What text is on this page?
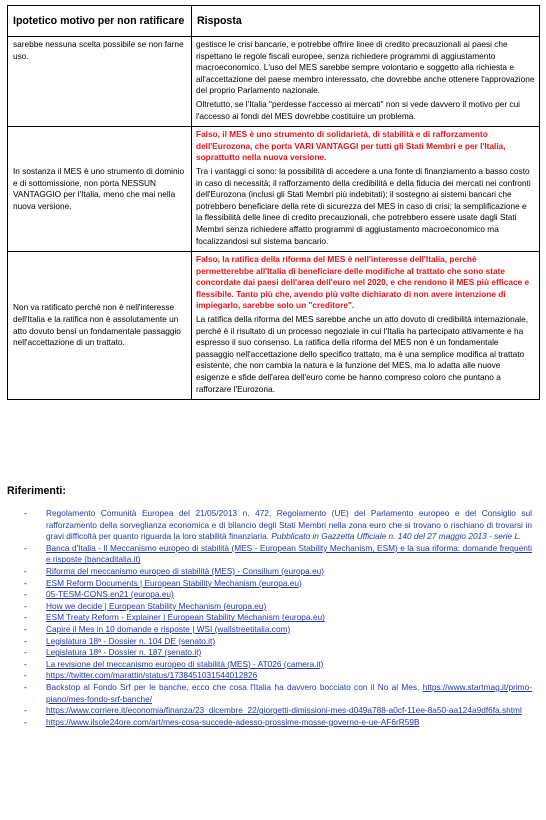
Ipotetico motivo per non ratificare	Risposta
sarebbe nessuna scelta possibile se non farne uso.	gestisce le crisi bancarie, e potrebbe offrire linee di credito precauzionali ai paesi che rispettano le regole fiscali europee, senza richiedere programmi di aggiustamento macroeconomico. L'uso del MES sarebbe sempre volontario e soggetto alla richiesta e all'accettazione del paese membro interessato, che dovrebbe anche ottenere l'approvazione del proprio Parlamento nazionale.

Oltretutto, se l'Italia "perdesse l'accesso ai mercati" non si vede davvero il motivo per cui l'accesso ai fondi del MES dovrebbe costituire un problema.

In sostanza il MES è uno strumento di dominio e di sottomissione, non porta NESSUN VANTAGGIO per l'Italia, meno che mai nella nuova versione.	Falso, il MES è uno strumento di solidarietà, di stabilità e di rafforzamento dell'Eurozona, che porta VARI VANTAGGI per tutti gli Stati Membri e per l'Italia, soprattutto nella nuova versione.

Tra i vantaggi ci sono: la possibilità di accedere a una fonte di finanziamento a basso costo in caso di necessità; il rafforzamento della credibilità e della fiducia dei mercati nei confronti dell'Eurozona (inclusi gli Stati Membri più indebitati); il sostegno ai sistemi bancari che potrebbero beneficiare della rete di sicurezza del MES in caso di crisi; la semplificazione e la flessibilità delle linee di credito precauzionali, che potrebbero essere usate dagli Stati Membri senza richiedere affatto programmi di aggiustamento macroeconomico ma focalizzandosi sul sistema bancario.

Non va ratificato perché non è nell'interesse dell'Italia e la ratifica non è assolutamente un atto dovuto bensì un fondamentale passaggio nell'accettazione di un trattato.	Falso, la ratifica della riforma del MES è nell'interesse dell'Italia, perché permetterebbe all'Italia di beneficiare delle modifiche al trattato che sono state concordate dai paesi dell'area dell'euro nel 2020, e che rendono il MES più efficace e flessibile. Tanto più che, avendo più volte dichiarato di non avere intenzione di impiegarlo, sarebbe solo un "creditore".

La ratifica della riforma del MES sarebbe anche un atto dovuto di credibilità internazionale, perché è il risultato di un processo negoziale in cui l'Italia ha partecipato attivamente e ha espresso il suo consenso. La ratifica della riforma del MES non è un fondamentale passaggio nell'accettazione dello specifico trattato, ma è una semplice modifica al trattato esistente, che non cambia la natura e la funzione del MES, ma lo adatta alle nuove esigenze e sfide dell'area dell'euro come be hanno compreso coloro che puntano a rafforzare l'Eurozona.

Riferimenti:
- Regolamento Comunità Europea del 21/05/2013 n. 472, Regolamento (UE) del Parlamento europeo e del Consiglio sul rafforzamento della sorveglianza economica e di bilancio degli Stati Membri nella zona euro che si trovano o rischiano di trovarsi in gravi difficoltà per quanto riguarda la loro stabilità finanziaria. Pubblicato in Gazzetta Ufficiale n. 140 del 27 maggio 2013 - serie L.
- Banca d'Italia - Il Meccanismo europeo di stabilità (MES - European Stability Mechanism, ESM) e la sua riforma: domande frequenti e risposte (bancaditalia.it)
- Riforma del meccanismo europeo di stabilità (MES) - Consilium (europa.eu)
- ESM Reform Documents | European Stability Mechanism (europa.eu)
- 05-TESM-CONS.en21 (europa.eu)
- How we decide | European Stability Mechanism (europa.eu)
- ESM Treaty Reform - Explainer | European Stability Mechanism (europa.eu)
- Capire il Mes in 10 domande e risposte | WSI (wallstreetitalia.com)
- Legislatura 18ª - Dossier n. 104 DE (senato.it)
- Legislatura 18ª - Dossier n. 187 (senato.it)
- La revisione del meccanismo europeo di stabilità (MES) - AT026 (camera.it)
- https://twitter.com/marattin/status/1738451031544012826
- Backstop al Fondo Srf per le banche, ecco che cosa l'Italia ha davvero bocciato con il No al Mes, https://www.startmag.it/primo-piano/mes-fondo-srf-banche/
- https://www.corriere.it/economia/finanza/23_dicembre_22/giorgetti-dimissioni-mes-d049a788-a0cf-11ee-8a50-aa124a9df6fa.shtml
- https://www.ilsole24ore.com/art/mes-cosa-succede-adesso-prossime-mosse-governo-e-ue-AF6rR59B
